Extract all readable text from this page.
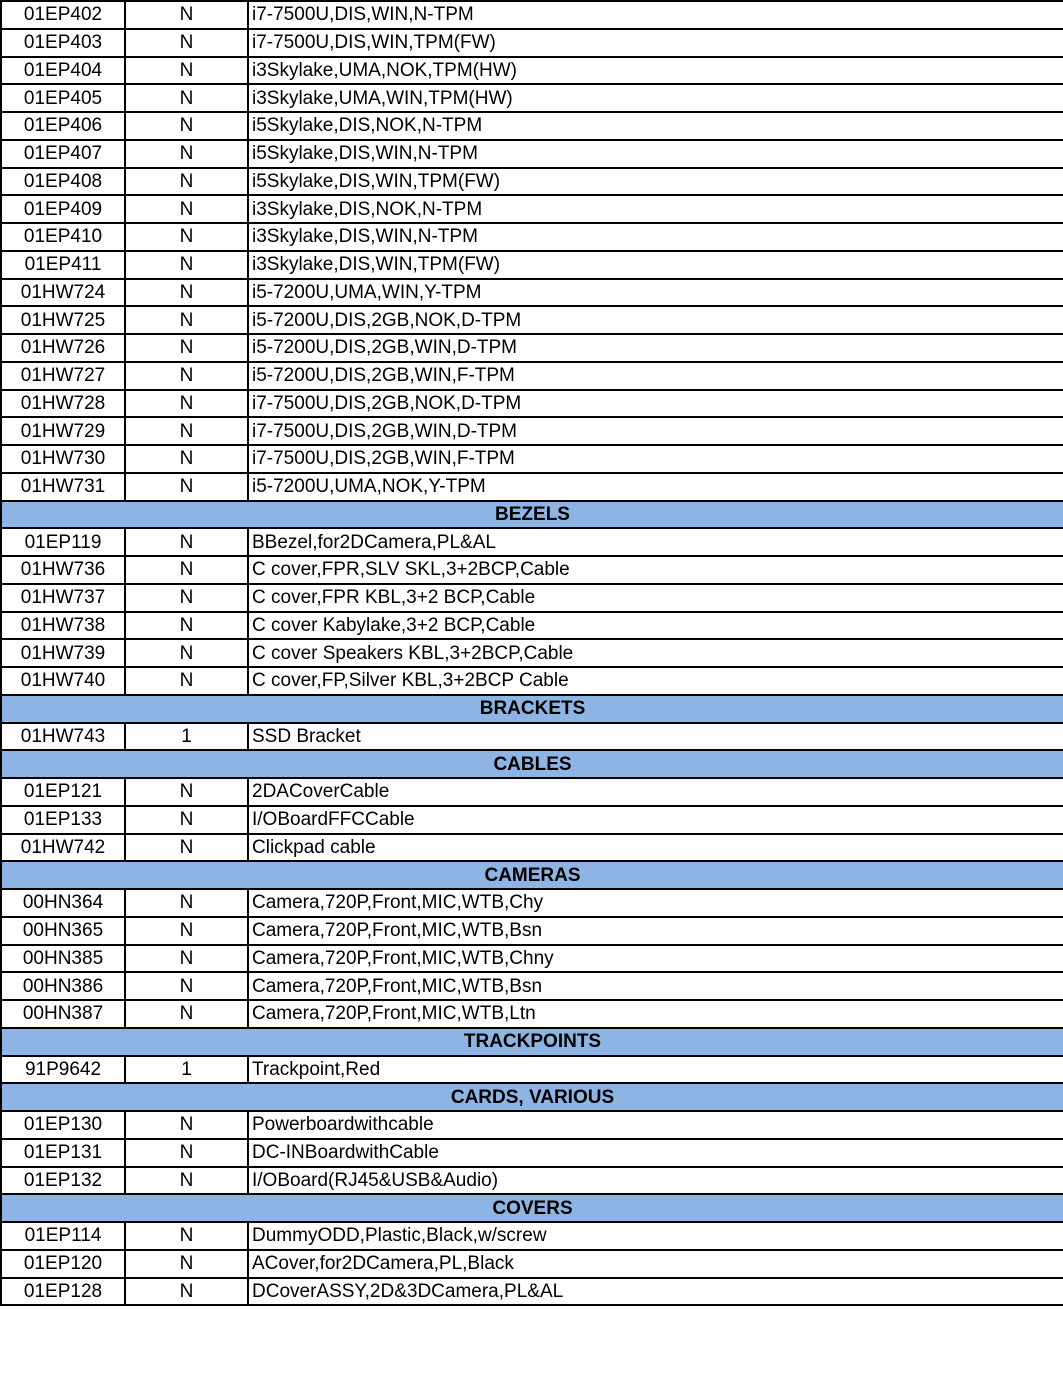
01EP402	N	i7-7500U,DIS,WIN,N-TPM
01EP403	N	i7-7500U,DIS,WIN,TPM(FW)
01EP404	N	i3Skylake,UMA,NOK,TPM(HW)
01EP405	N	i3Skylake,UMA,WIN,TPM(HW)
01EP406	N	i5Skylake,DIS,NOK,N-TPM
01EP407	N	i5Skylake,DIS,WIN,N-TPM
01EP408	N	i5Skylake,DIS,WIN,TPM(FW)
01EP409	N	i3Skylake,DIS,NOK,N-TPM
01EP410	N	i3Skylake,DIS,WIN,N-TPM
01EP411	N	i3Skylake,DIS,WIN,TPM(FW)
01HW724	N	i5-7200U,UMA,WIN,Y-TPM
01HW725	N	i5-7200U,DIS,2GB,NOK,D-TPM
01HW726	N	i5-7200U,DIS,2GB,WIN,D-TPM
01HW727	N	i5-7200U,DIS,2GB,WIN,F-TPM
01HW728	N	i7-7500U,DIS,2GB,NOK,D-TPM
01HW729	N	i7-7500U,DIS,2GB,WIN,D-TPM
01HW730	N	i7-7500U,DIS,2GB,WIN,F-TPM
01HW731	N	i5-7200U,UMA,NOK,Y-TPM
BEZELS		
01EP119	N	BBezel,for2DCamera,PL&AL
01HW736	N	C cover,FPR,SLV SKL,3+2BCP,Cable
01HW737	N	C cover,FPR KBL,3+2 BCP,Cable
01HW738	N	C cover Kabylake,3+2 BCP,Cable
01HW739	N	C cover Speakers KBL,3+2BCP,Cable
01HW740	N	C cover,FP,Silver KBL,3+2BCP Cable
BRACKETS		
01HW743	1	SSD Bracket
CABLES		
01EP121	N	2DACoverCable
01EP133	N	I/OBoardFFCCable
01HW742	N	Clickpad cable
CAMERAS		
00HN364	N	Camera,720P,Front,MIC,WTB,Chy
00HN365	N	Camera,720P,Front,MIC,WTB,Bsn
00HN385	N	Camera,720P,Front,MIC,WTB,Chny
00HN386	N	Camera,720P,Front,MIC,WTB,Bsn
00HN387	N	Camera,720P,Front,MIC,WTB,Ltn
TRACKPOINTS		
91P9642	1	Trackpoint,Red
CARDS, VARIOUS		
01EP130	N	Powerboardwithcable
01EP131	N	DC-INBoardwithCable
01EP132	N	I/OBoard(RJ45&USB&Audio)
COVERS		
01EP114	N	DummyODD,Plastic,Black,w/screw
01EP120	N	ACover,for2DCamera,PL,Black
01EP128	N	DCoverASSY,2D&3DCamera,PL&AL
